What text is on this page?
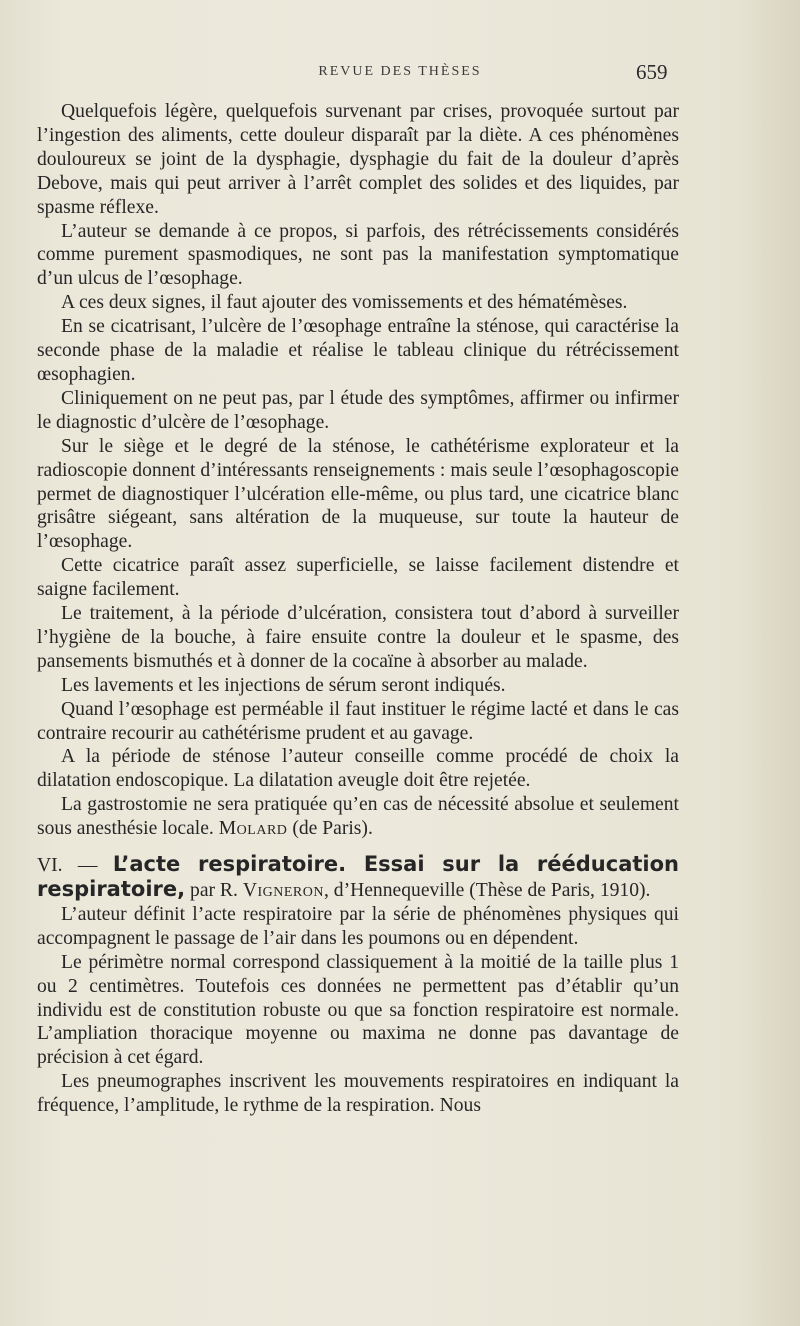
REVUE DES THÈSES	659

Quelquefois légère, quelquefois survenant par crises, provoquée surtout par l’ingestion des aliments, cette douleur disparaît par la diète. A ces phénomènes douloureux se joint de la dysphagie, dysphagie du fait de la douleur d’après Debove, mais qui peut arriver à l’arrêt complet des solides et des liquides, par spasme réflexe.

L’auteur se demande à ce propos, si parfois, des rétrécissements considérés comme purement spasmodiques, ne sont pas la manifestation symptomatique d’un ulcus de l’œsophage.

A ces deux signes, il faut ajouter des vomissements et des hématémèses.

En se cicatrisant, l’ulcère de l’œsophage entraîne la sténose, qui caractérise la seconde phase de la maladie et réalise le tableau clinique du rétrécissement œsophagien.

Cliniquement on ne peut pas, par l étude des symptômes, affirmer ou infirmer le diagnostic d’ulcère de l’œsophage.

Sur le siège et le degré de la sténose, le cathétérisme explorateur et la radioscopie donnent d’intéressants renseignements : mais seule l’œsophagoscopie permet de diagnostiquer l’ulcération elle-même, ou plus tard, une cicatrice blanc grisâtre siégeant, sans altération de la muqueuse, sur toute la hauteur de l’œsophage.

Cette cicatrice paraît assez superficielle, se laisse facilement distendre et saigne facilement.

Le traitement, à la période d’ulcération, consistera tout d’abord à surveiller l’hygiène de la bouche, à faire ensuite contre la douleur et le spasme, des pansements bismuthés et à donner de la cocaïne à absorber au malade.

Les lavements et les injections de sérum seront indiqués.

Quand l’œsophage est perméable il faut instituer le régime lacté et dans le cas contraire recourir au cathétérisme prudent et au gavage.

A la période de sténose l’auteur conseille comme procédé de choix la dilatation endoscopique. La dilatation aveugle doit être rejetée.

La gastrostomie ne sera pratiquée qu’en cas de nécessité absolue et seulement sous anesthésie locale. Molard (de Paris).

VI. — L’acte respiratoire. Essai sur la rééducation respiratoire, par R. Vigneron, d’Hennequeville (Thèse de Paris, 1910).

L’auteur définit l’acte respiratoire par la série de phénomènes physiques qui accompagnent le passage de l’air dans les poumons ou en dépendent.

Le périmètre normal correspond classiquement à la moitié de la taille plus 1 ou 2 centimètres. Toutefois ces données ne permettent pas d’établir qu’un individu est de constitution robuste ou que sa fonction respiratoire est normale. L’ampliation thoracique moyenne ou maxima ne donne pas davantage de précision à cet égard.

Les pneumographes inscrivent les mouvements respiratoires en indiquant la fréquence, l’amplitude, le rythme de la respiration. Nous
